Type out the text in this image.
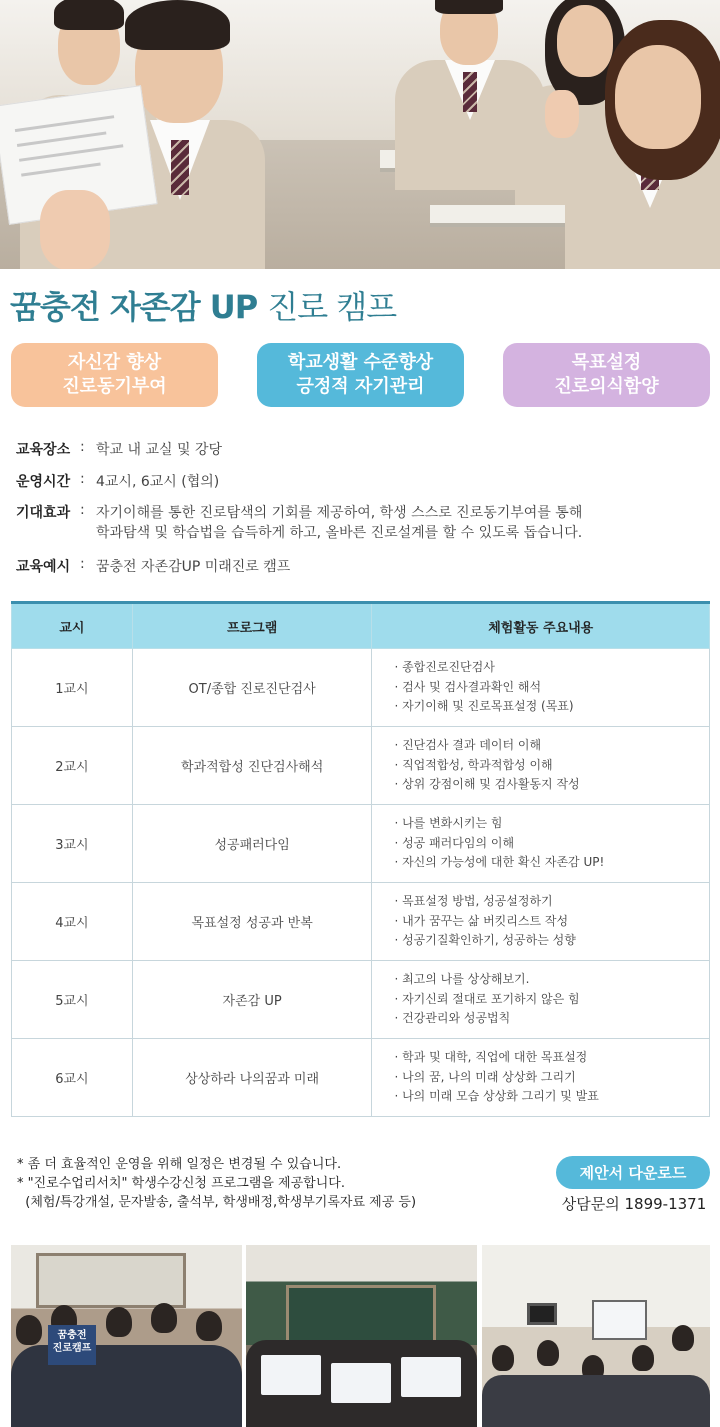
꿈충전 자존감 UP 진로 캠프
자신감 향상
진로동기부여
학교생활 수준향상
긍정적 자기관리
목표설정
진로의식함양
교육장소 : 학교 내 교실 및 강당
운영시간 : 4교시, 6교시 (협의)
기대효과 : 자기이해를 통한 진로탐색의 기회를 제공하여, 학생 스스로 진로동기부여를 통해
학과탐색 및 학습법을 습득하게 하고, 올바른 진로설계를 할 수 있도록 돕습니다.
교육예시 : 꿈충전 자존감UP 미래진로 캠프
교시	프로그램	체험활동 주요내용
1교시	OT/종합 진로진단검사	· 종합진로진단검사
· 검사 및 검사결과확인 해석
· 자기이해 및 진로목표설정 (목표)

2교시	학과적합성 진단검사해석	· 진단검사 결과 데이터 이해
· 직업적합성, 학과적합성 이해
· 상위 강점이해 및 검사활동지 작성

3교시	성공패러다임	· 나를 변화시키는 힘
· 성공 패러다임의 이해
· 자신의 가능성에 대한 확신 자존감 UP!

4교시	목표설정 성공과 반복	· 목표설정 방법, 성공설정하기
· 내가 꿈꾸는 삶 버킷리스트 작성
· 성공기질확인하기, 성공하는 성향

5교시	자존감 UP	· 최고의 나를 상상해보기.
· 자기신뢰 절대로 포기하지 않은 힘
· 건강관리와 성공법칙

6교시	상상하라 나의꿈과 미래	· 학과 및 대학, 직업에 대한 목표설정
· 나의 꿈, 나의 미래 상상화 그리기
· 나의 미래 모습 상상화 그리기 및 발표
* 좀 더 효율적인 운영을 위해 일정은 변경될 수 있습니다.
* "진로수업리서치" 학생수강신청 프로그램을 제공합니다.
(체험/특강개설, 문자발송, 출석부, 학생배정,학생부기록자료 제공 등)
제안서 다운로드
상담문의 1899-1371
꿈충전
진로캠프
